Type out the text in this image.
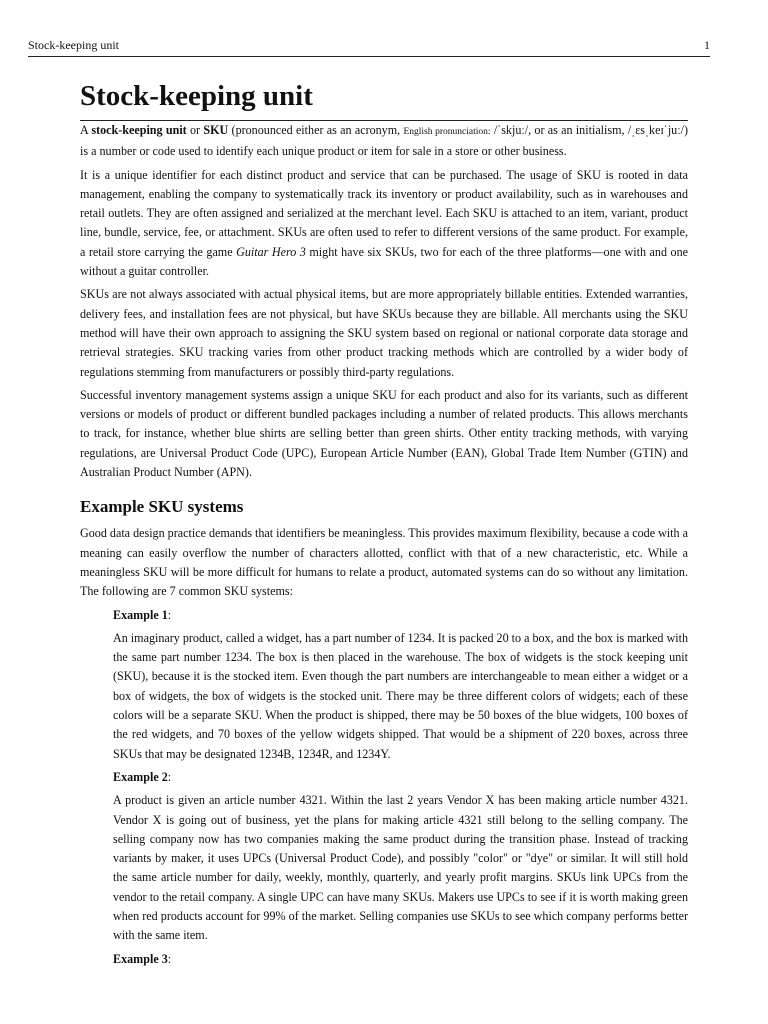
Stock-keeping unit	1
Stock-keeping unit

A stock-keeping unit or SKU (pronounced either as an acronym, English pronunciation: /ˈskjuː/, or as an initialism, /ˌɛsˌkeɪˈjuː/) is a number or code used to identify each unique product or item for sale in a store or other business.

It is a unique identifier for each distinct product and service that can be purchased. The usage of SKU is rooted in data management, enabling the company to systematically track its inventory or product availability, such as in warehouses and retail outlets. They are often assigned and serialized at the merchant level. Each SKU is attached to an item, variant, product line, bundle, service, fee, or attachment. SKUs are often used to refer to different versions of the same product. For example, a retail store carrying the game Guitar Hero 3 might have six SKUs, two for each of the three platforms—one with and one without a guitar controller.

SKUs are not always associated with actual physical items, but are more appropriately billable entities. Extended warranties, delivery fees, and installation fees are not physical, but have SKUs because they are billable. All merchants using the SKU method will have their own approach to assigning the SKU system based on regional or national corporate data storage and retrieval strategies. SKU tracking varies from other product tracking methods which are controlled by a wider body of regulations stemming from manufacturers or possibly third-party regulations.

Successful inventory management systems assign a unique SKU for each product and also for its variants, such as different versions or models of product or different bundled packages including a number of related products. This allows merchants to track, for instance, whether blue shirts are selling better than green shirts. Other entity tracking methods, with varying regulations, are Universal Product Code (UPC), European Article Number (EAN), Global Trade Item Number (GTIN) and Australian Product Number (APN).

Example SKU systems

Good data design practice demands that identifiers be meaningless. This provides maximum flexibility, because a code with a meaning can easily overflow the number of characters allotted, conflict with that of a new characteristic, etc. While a meaningless SKU will be more difficult for humans to relate a product, automated systems can do so without any limitation. The following are 7 common SKU systems:

Example 1:

An imaginary product, called a widget, has a part number of 1234. It is packed 20 to a box, and the box is marked with the same part number 1234. The box is then placed in the warehouse. The box of widgets is the stock keeping unit (SKU), because it is the stocked item. Even though the part numbers are interchangeable to mean either a widget or a box of widgets, the box of widgets is the stocked unit. There may be three different colors of widgets; each of these colors will be a separate SKU. When the product is shipped, there may be 50 boxes of the blue widgets, 100 boxes of the red widgets, and 70 boxes of the yellow widgets shipped. That would be a shipment of 220 boxes, across three SKUs that may be designated 1234B, 1234R, and 1234Y.

Example 2:

A product is given an article number 4321. Within the last 2 years Vendor X has been making article number 4321. Vendor X is going out of business, yet the plans for making article 4321 still belong to the selling company. The selling company now has two companies making the same product during the transition phase. Instead of tracking variants by maker, it uses UPCs (Universal Product Code), and possibly "color" or "dye" or similar. It will still hold the same article number for daily, weekly, monthly, quarterly, and yearly profit margins. SKUs link UPCs from the vendor to the retail company. A single UPC can have many SKUs. Makers use UPCs to see if it is worth making green when red products account for 99% of the market. Selling companies use SKUs to see which company performs better with the same item.

Example 3:
